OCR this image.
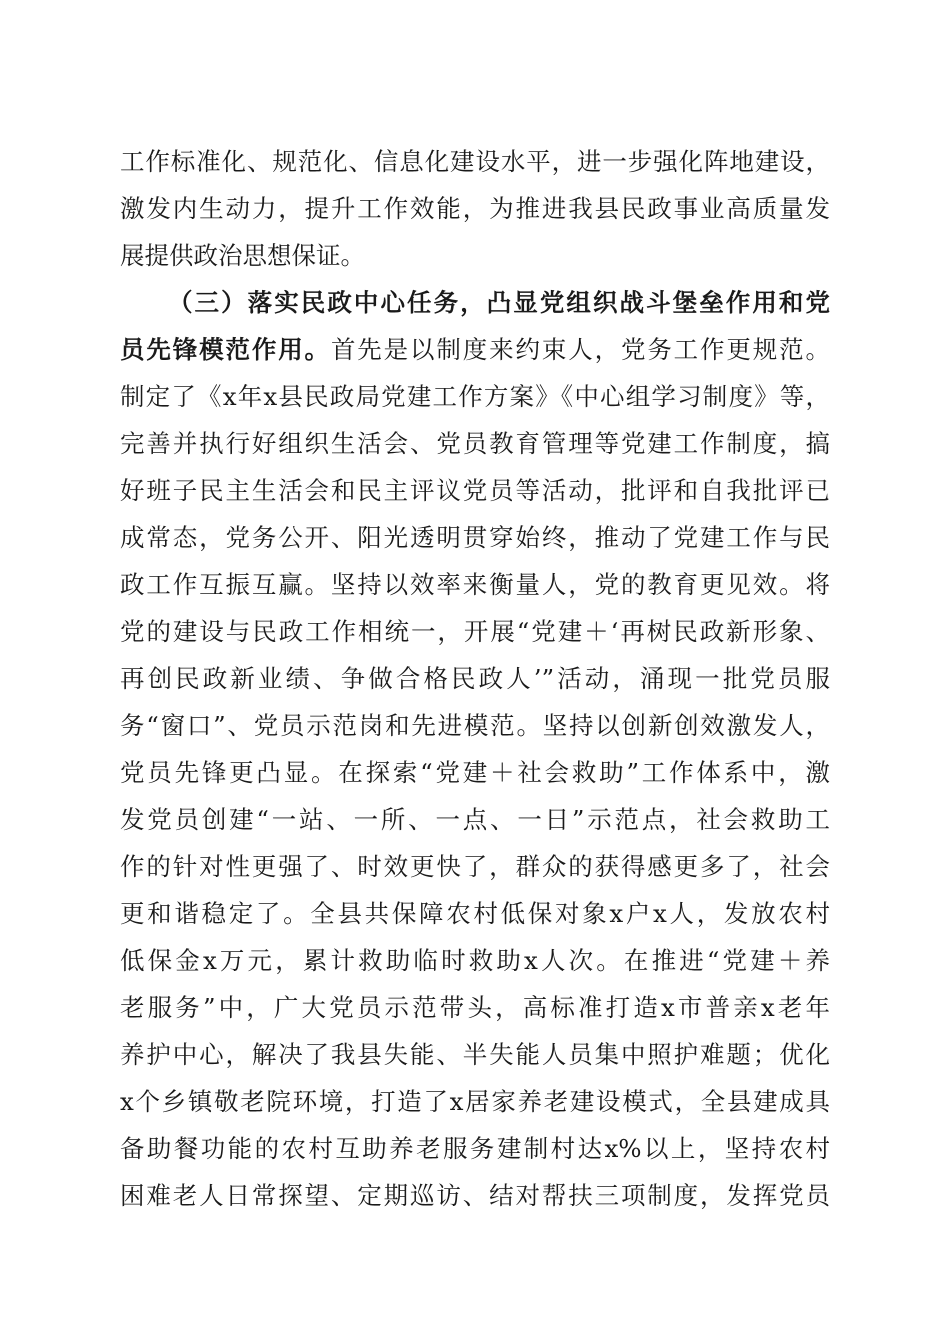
工作标准化、规范化、信息化建设水平，进一步强化阵地建设，

激发内生动力，提升工作效能，为推进我县民政事业高质量发

展提供政治思想保证。

（三）落实民政中心任务，凸显党组织战斗堡垒作用和党

员先锋模范作用。首先是以制度来约束人，党务工作更规范。

制定了《x年x县民政局党建工作方案》《中心组学习制度》等，

完善并执行好组织生活会、党员教育管理等党建工作制度，搞

好班子民主生活会和民主评议党员等活动，批评和自我批评已

成常态，党务公开、阳光透明贯穿始终，推动了党建工作与民

政工作互振互赢。坚持以效率来衡量人，党的教育更见效。将

党的建设与民政工作相统一，开展“党建＋‘再树民政新形象、

再创民政新业绩、争做合格民政人’”活动，涌现一批党员服

务“窗口”、党员示范岗和先进模范。坚持以创新创效激发人，

党员先锋更凸显。在探索“党建＋社会救助”工作体系中，激

发党员创建“一站、一所、一点、一日”示范点，社会救助工

作的针对性更强了、时效更快了，群众的获得感更多了，社会

更和谐稳定了。全县共保障农村低保对象x户x人，发放农村

低保金x万元，累计救助临时救助x人次。在推进“党建＋养

老服务”中，广大党员示范带头，高标准打造x市普亲x老年

养护中心，解决了我县失能、半失能人员集中照护难题；优化

x个乡镇敬老院环境，打造了x居家养老建设模式，全县建成具

备助餐功能的农村互助养老服务建制村达x%以上，坚持农村

困难老人日常探望、定期巡访、结对帮扶三项制度，发挥党员
